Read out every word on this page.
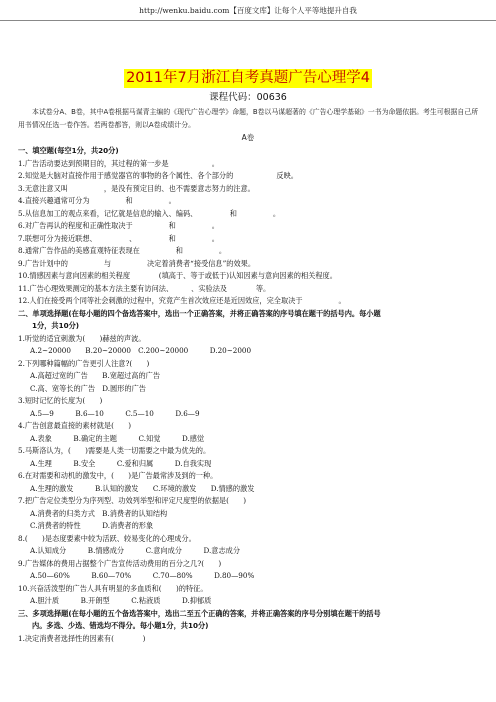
http://wenku.baidu.com【百度文库】让每个人平等地提升自我
2011年7月浙江自考真题广告心理学4
课程代码：00636
本试卷分A、B卷，其中A卷根据马谋青主编的《现代广告心理学》命题，B卷以马谋超著的《广告心理学基础》一书为命题依据。考生可根据自己所用书情况任选一卷作答。若两卷都答，则以A卷成绩计分。
A卷
一、填空题(每空1分，共20分)
1.广告活动要达到预期目的，其过程的第一步是　　　　　　。
2.知觉是大脑对直接作用于感觉器官的事物的各个属性、各个部分的　　　　　　反映。
3.无意注意又叫　　　　　，是没有预定目的、也不需要意志努力的注意。
4.直接兴趣通常可分为　　　　　和　　　　　。
5.从信息加工的观点来看，记忆就是信息的输入、编码、　　　　　和　　　　　。
6.对广告再认的程度和正确性取决于　　　　　和　　　　　。
7.联想可分为接近联想、　　　　　、　　　　　和　　　　　。
8.通常广告作品的美感直观特征表现在　　　　　和　　　　　。
9.广告计划中的　　　　　与　　　　　决定着消费者“接受信息”的效果。
10.情感因素与意向因素的相关程度　　　　(填高于、等于或低于)认知因素与意向因素的相关程度。
11.广告心理效果测定的基本方法主要有访问法、　　　、实验法及　　　　等。
12.人们在接受两个同等社会刺激的过程中，究竟产生首次效应还是近因效应，完全取决于　　　　　。
二、单项选择题(在每小题的四个备选答案中，选出一个正确答案，并将正确答案的序号填在题干的括号内。每小题
1分，共10分)
1.听觉的适宜刺激为(　　)赫兹的声波。
A.2~20000　　B.20~20000　C.200~20000　　　D.20~2000
2.下列哪种篇幅的广告更引人注意?(　　)
A.高超过宽的广告　　B.宽超过高的广告
C.高、宽等长的广告　D.圆形的广告
3.短时记忆的长度为(　　)
A.5—9　　　B.6—10　　　C.5—10　　　D.6—9
4.广告创意最直接的素材就是(　　)
A.表象　　　B.确定的主题　　　C.知觉　　　D.感觉
5.马斯洛认为，(　　)需要是人类一切需要之中最为优先的。
A.生理　　　B.安全　　　C.爱和归属　　　D.自我实现
6.在对需要和动机的激发中，(　　)是广告最常涉及到的一种。
A.生理的激发　　　B.认知的激发　　C.环境的激发　　D.情感的激发
7.把广告定位类型分为序列型、功效列举型和评定尺度型的依据是(　　)
A.消费者的归类方式　B.消费者的认知结构
C.消费者的特性　　　D.消费者的形象
8.(　　)是态度要素中较为活跃、较易变化的心理成分。
A.认知成分　　　B.情感成分　　　C.意向成分　　　D.意志成分
9.广告媒体的费用占据整个广告宣传活动费用的百分之几?(　　)
A.50—60%　　　B.60—70%　　　C.70—80%　　　D.80—90%
10.兴奋活泼型的广告人具有明显的多血质和(　　)的特征。
A.胆汁质　　　B.开朗型　　　C.粘液质　　　D.抑郁质
三、多项选择题(在每小题的五个备选答案中，选出二至五个正确的答案，并将正确答案的序号分别填在题干的括号
内。多选、少选、错选均不得分。每小题1分，共10分)
1.决定消费者选择性的因素有(　　　　)
